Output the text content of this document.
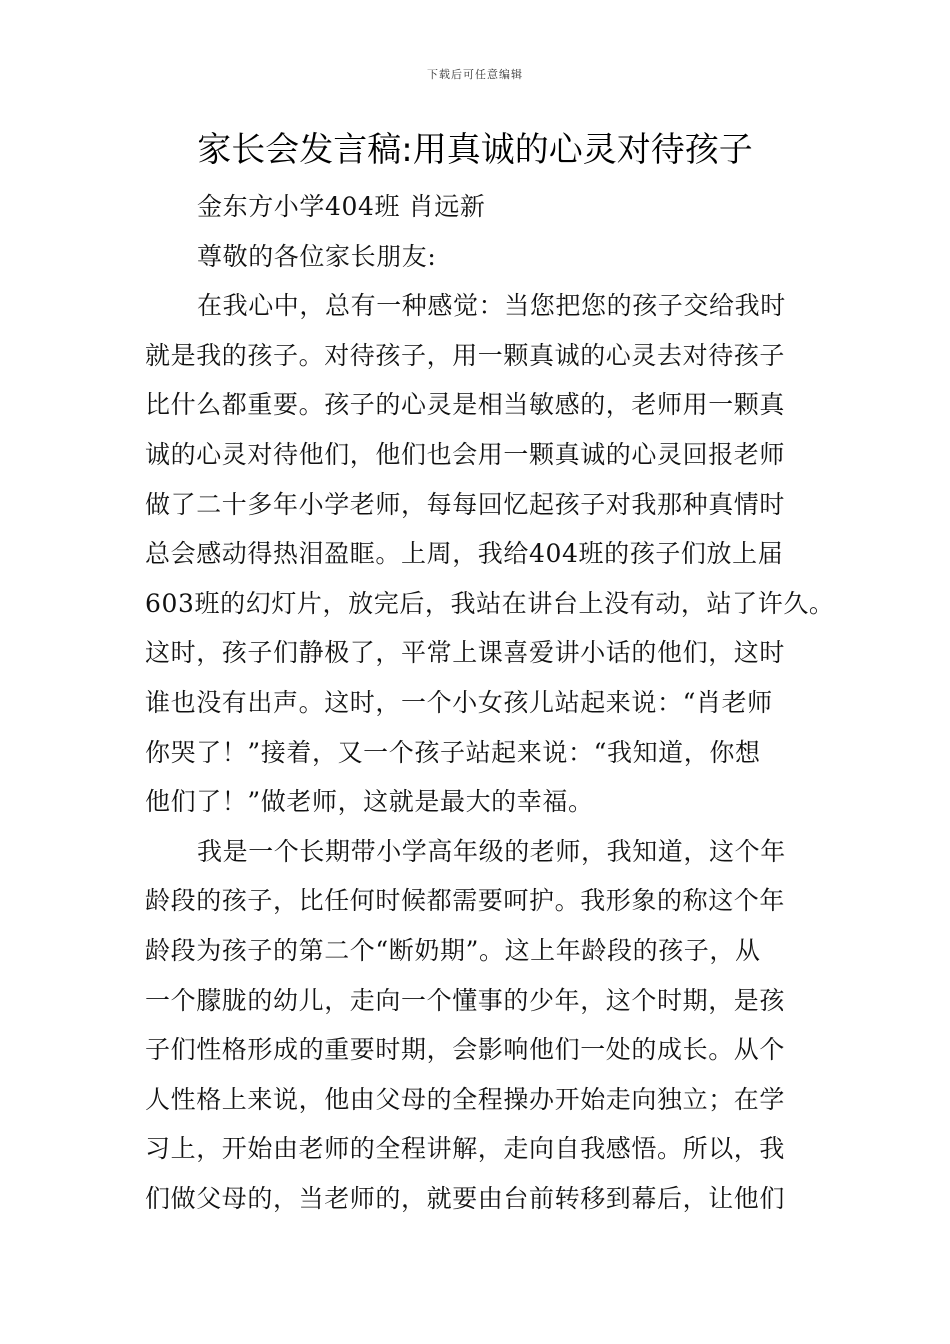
下载后可任意编辑
家长会发言稿:用真诚的心灵对待孩子
金东方小学404班 肖远新
尊敬的各位家长朋友:
在我心中，总有一种感觉：当您把您的孩子交给我时
就是我的孩子。对待孩子，用一颗真诚的心灵去对待孩子
比什么都重要。孩子的心灵是相当敏感的，老师用一颗真
诚的心灵对待他们，他们也会用一颗真诚的心灵回报老师
做了二十多年小学老师，每每回忆起孩子对我那种真情时
总会感动得热泪盈眶。上周，我给404班的孩子们放上届
603班的幻灯片，放完后，我站在讲台上没有动，站了许久。
这时，孩子们静极了，平常上课喜爱讲小话的他们，这时
谁也没有出声。这时，一个小女孩儿站起来说：“肖老师
你哭了！”接着，又一个孩子站起来说：“我知道，你想
他们了！”做老师，这就是最大的幸福。
我是一个长期带小学高年级的老师，我知道，这个年
龄段的孩子，比任何时候都需要呵护。我形象的称这个年
龄段为孩子的第二个“断奶期”。这上年龄段的孩子，从
一个朦胧的幼儿，走向一个懂事的少年，这个时期，是孩
子们性格形成的重要时期，会影响他们一处的成长。从个
人性格上来说，他由父母的全程操办开始走向独立；在学
习上，开始由老师的全程讲解，走向自我感悟。所以，我
们做父母的，当老师的，就要由台前转移到幕后，让他们
